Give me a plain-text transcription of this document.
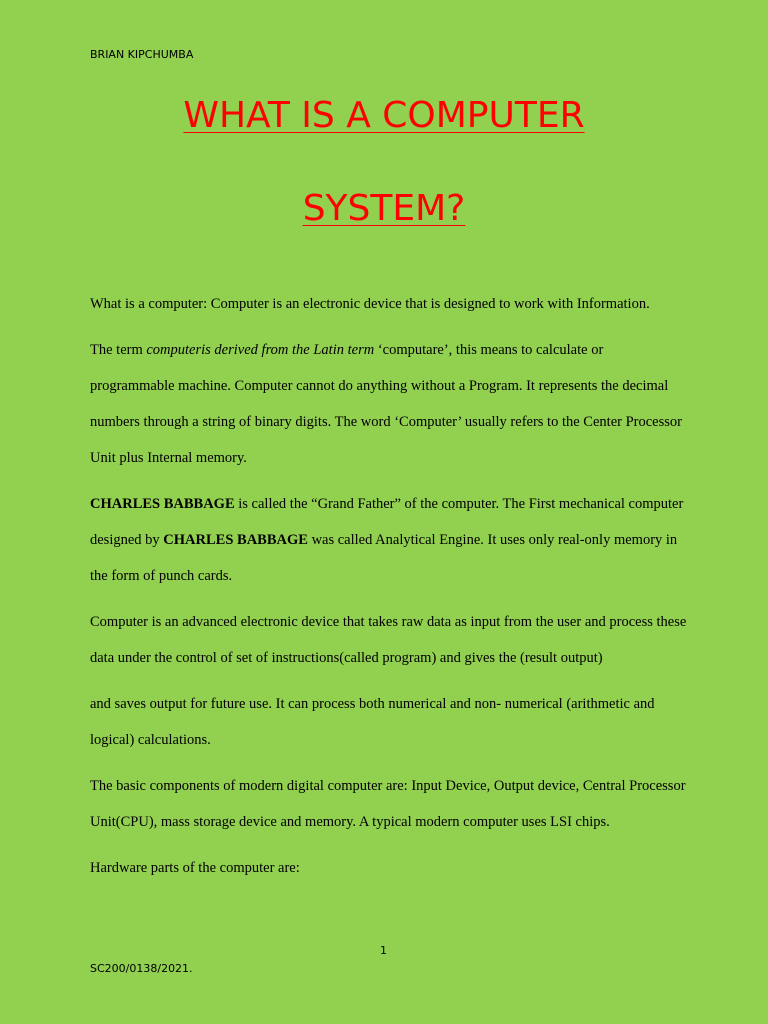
BRIAN KIPCHUMBA
WHAT IS A COMPUTER
SYSTEM?

What is a computer: Computer is an electronic device that is designed to work with Information.

The term computeris derived from the Latin term ‘computare’, this means to calculate or programmable machine. Computer cannot do anything without a Program. It represents the decimal numbers through a string of binary digits. The word ‘Computer’ usually refers to the Center Processor Unit plus Internal memory.

CHARLES BABBAGE is called the “Grand Father” of the computer. The First mechanical computer designed by CHARLES BABBAGE was called Analytical Engine. It uses only real-only memory in the form of punch cards.

Computer is an advanced electronic device that takes raw data as input from the user and process these data under the control of set of instructions(called program) and gives the (result output)
and saves output for future use. It can process both numerical and non- numerical (arithmetic and logical) calculations.

The basic components of modern digital computer are: Input Device, Output device, Central Processor Unit(CPU), mass storage device and memory. A typical modern computer uses LSI chips.

Hardware parts of the computer are:

1
SC200/0138/2021.
